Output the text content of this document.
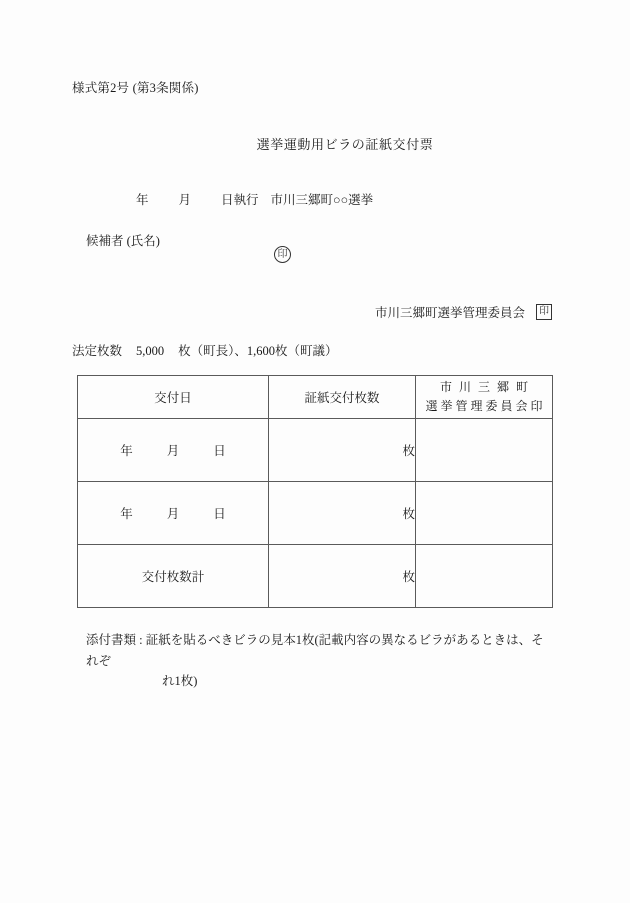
様式第2号 (第3条関係)
選挙運動用ビラの証紙交付票
年 月 日執行 市川三郷町○○選挙
候補者 (氏名)
印
市川三郷町選挙管理委員会	印
法定枚数 5,000 枚（町長）、1,600枚（町議）
交付日	証紙交付枚数	市川三郷町
選挙管理委員会印

年 月 日	枚	
年 月 日	枚	
交付枚数計	枚	
添付書類 : 証紙を貼るべきビラの見本1枚(記載内容の異なるビラがあるときは、それぞ
れ1枚)
